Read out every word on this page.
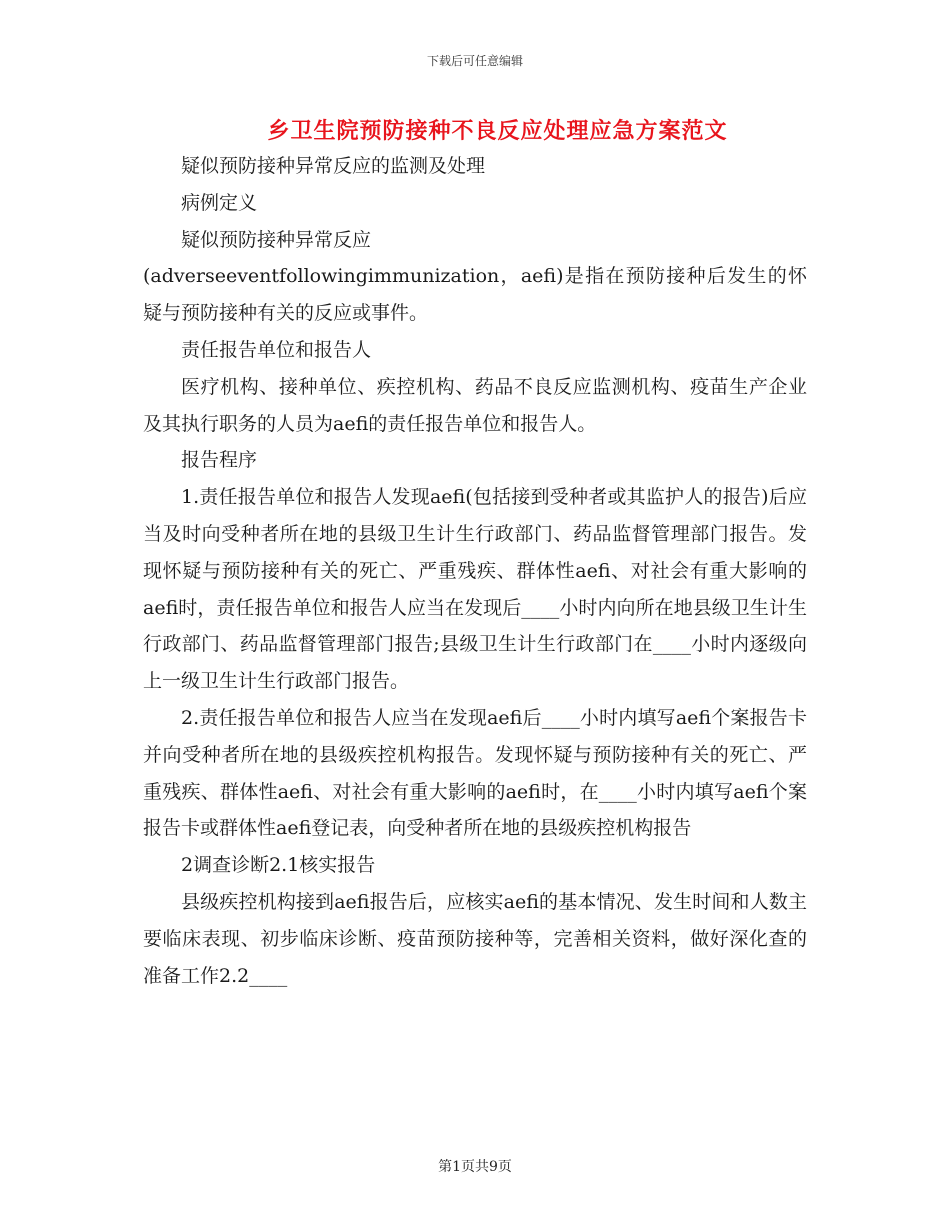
下载后可任意编辑
乡卫生院预防接种不良反应处理应急方案范文

疑似预防接种异常反应的监测及处理

病例定义

疑似预防接种异常反应

(adverseeventfollowingimmunization，aefi)是指在预防接种后发生的怀疑与预防接种有关的反应或事件。

责任报告单位和报告人

医疗机构、接种单位、疾控机构、药品不良反应监测机构、疫苗生产企业及其执行职务的人员为aefi的责任报告单位和报告人。

报告程序

1.责任报告单位和报告人发现aefi(包括接到受种者或其监护人的报告)后应当及时向受种者所在地的县级卫生计生行政部门、药品监督管理部门报告。发现怀疑与预防接种有关的死亡、严重残疾、群体性aefi、对社会有重大影响的aefi时，责任报告单位和报告人应当在发现后____小时内向所在地县级卫生计生行政部门、药品监督管理部门报告;县级卫生计生行政部门在____小时内逐级向上一级卫生计生行政部门报告。

2.责任报告单位和报告人应当在发现aefi后____小时内填写aefi个案报告卡并向受种者所在地的县级疾控机构报告。发现怀疑与预防接种有关的死亡、严重残疾、群体性aefi、对社会有重大影响的aefi时，在____小时内填写aefi个案报告卡或群体性aefi登记表，向受种者所在地的县级疾控机构报告

2调查诊断2.1核实报告

县级疾控机构接到aefi报告后，应核实aefi的基本情况、发生时间和人数主要临床表现、初步临床诊断、疫苗预防接种等，完善相关资料，做好深化查的准备工作2.2____

第1页共9页
